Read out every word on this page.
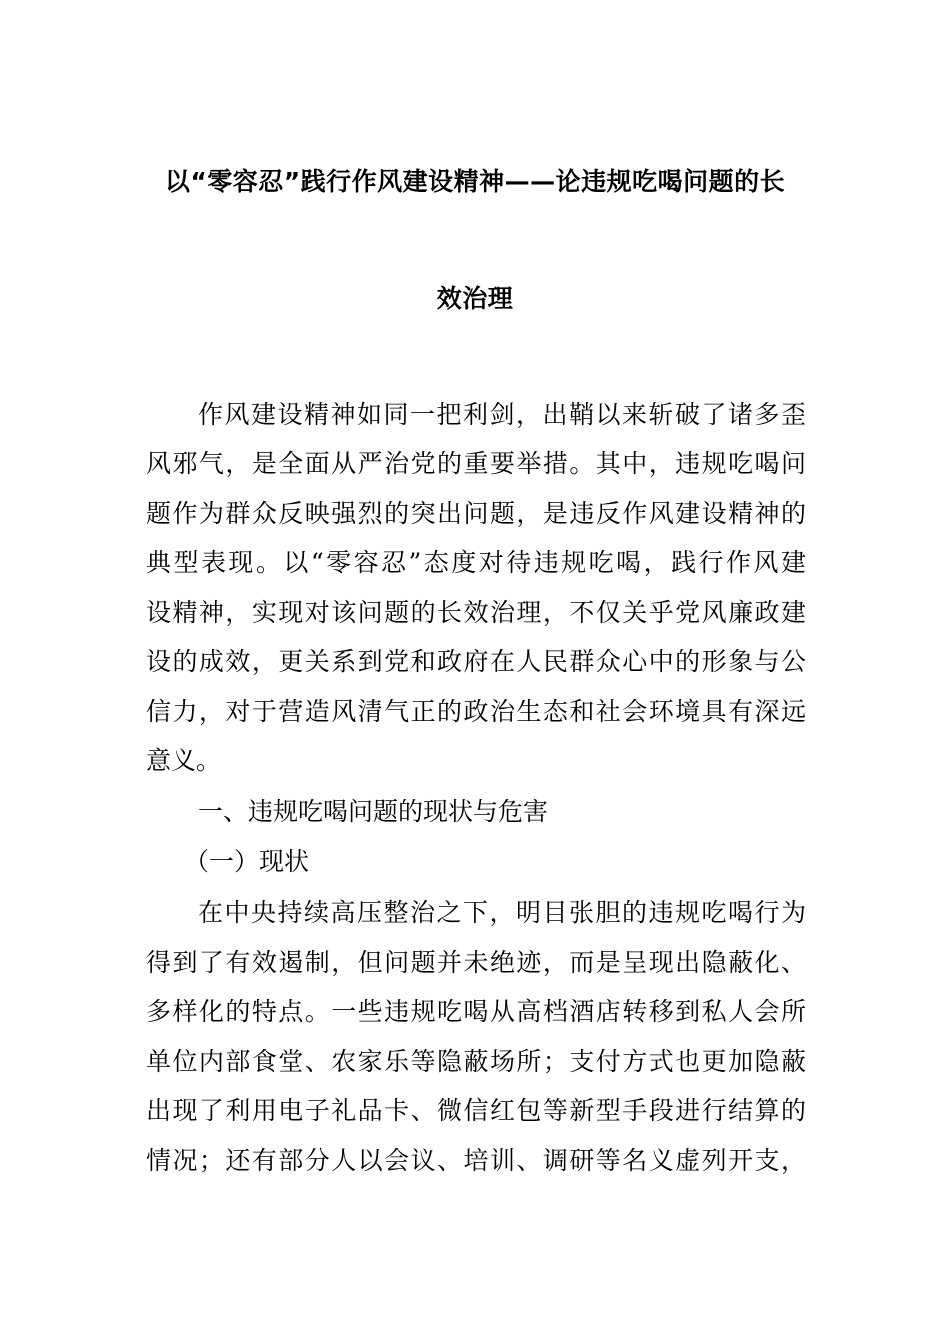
以“零容忍”践行作风建设精神——论违规吃喝问题的长
效治理
作风建设精神如同一把利剑，出鞘以来斩破了诸多歪
风邪气，是全面从严治党的重要举措。其中，违规吃喝问
题作为群众反映强烈的突出问题，是违反作风建设精神的
典型表现。以“零容忍”态度对待违规吃喝，践行作风建
设精神，实现对该问题的长效治理，不仅关乎党风廉政建
设的成效，更关系到党和政府在人民群众心中的形象与公
信力，对于营造风清气正的政治生态和社会环境具有深远
意义。
一、违规吃喝问题的现状与危害
（一）现状
在中央持续高压整治之下，明目张胆的违规吃喝行为
得到了有效遏制，但问题并未绝迹，而是呈现出隐蔽化、
多样化的特点。一些违规吃喝从高档酒店转移到私人会所
单位内部食堂、农家乐等隐蔽场所；支付方式也更加隐蔽
出现了利用电子礼品卡、微信红包等新型手段进行结算的
情况；还有部分人以会议、培训、调研等名义虚列开支，
